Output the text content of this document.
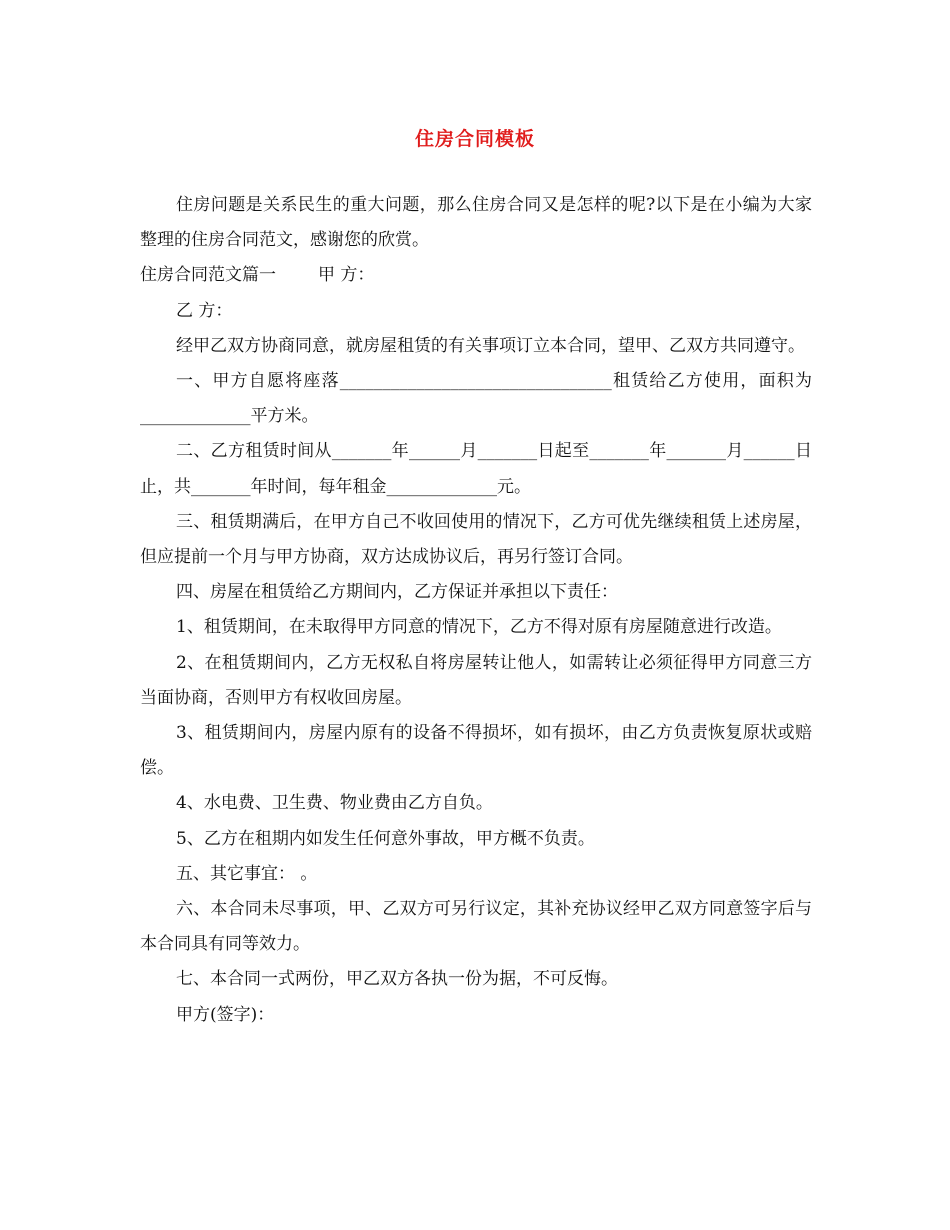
住房合同模板

住房问题是关系民生的重大问题，那么住房合同又是怎样的呢?以下是在小编为大家整理的住房合同范文，感谢您的欣赏。

住房合同范文篇一 甲 方：

乙 方：

经甲乙双方协商同意，就房屋租赁的有关事项订立本合同，望甲、乙双方共同遵守。

一、甲方自愿将座落________________________________租赁给乙方使用，面积为_____________平方米。

二、乙方租赁时间从_______年______月_______日起至_______年_______月______日止，共_______年时间，每年租金_____________元。

三、租赁期满后，在甲方自己不收回使用的情况下，乙方可优先继续租赁上述房屋，但应提前一个月与甲方协商，双方达成协议后，再另行签订合同。

四、房屋在租赁给乙方期间内，乙方保证并承担以下责任：

1、租赁期间，在未取得甲方同意的情况下，乙方不得对原有房屋随意进行改造。

2、在租赁期间内，乙方无权私自将房屋转让他人，如需转让必须征得甲方同意三方当面协商，否则甲方有权收回房屋。

3、租赁期间内，房屋内原有的设备不得损坏，如有损坏，由乙方负责恢复原状或赔偿。

4、水电费、卫生费、物业费由乙方自负。

5、乙方在租期内如发生任何意外事故，甲方概不负责。

五、其它事宜： 。

六、本合同未尽事项，甲、乙双方可另行议定，其补充协议经甲乙双方同意签字后与本合同具有同等效力。

七、本合同一式两份，甲乙双方各执一份为据，不可反悔。

甲方(签字)：
